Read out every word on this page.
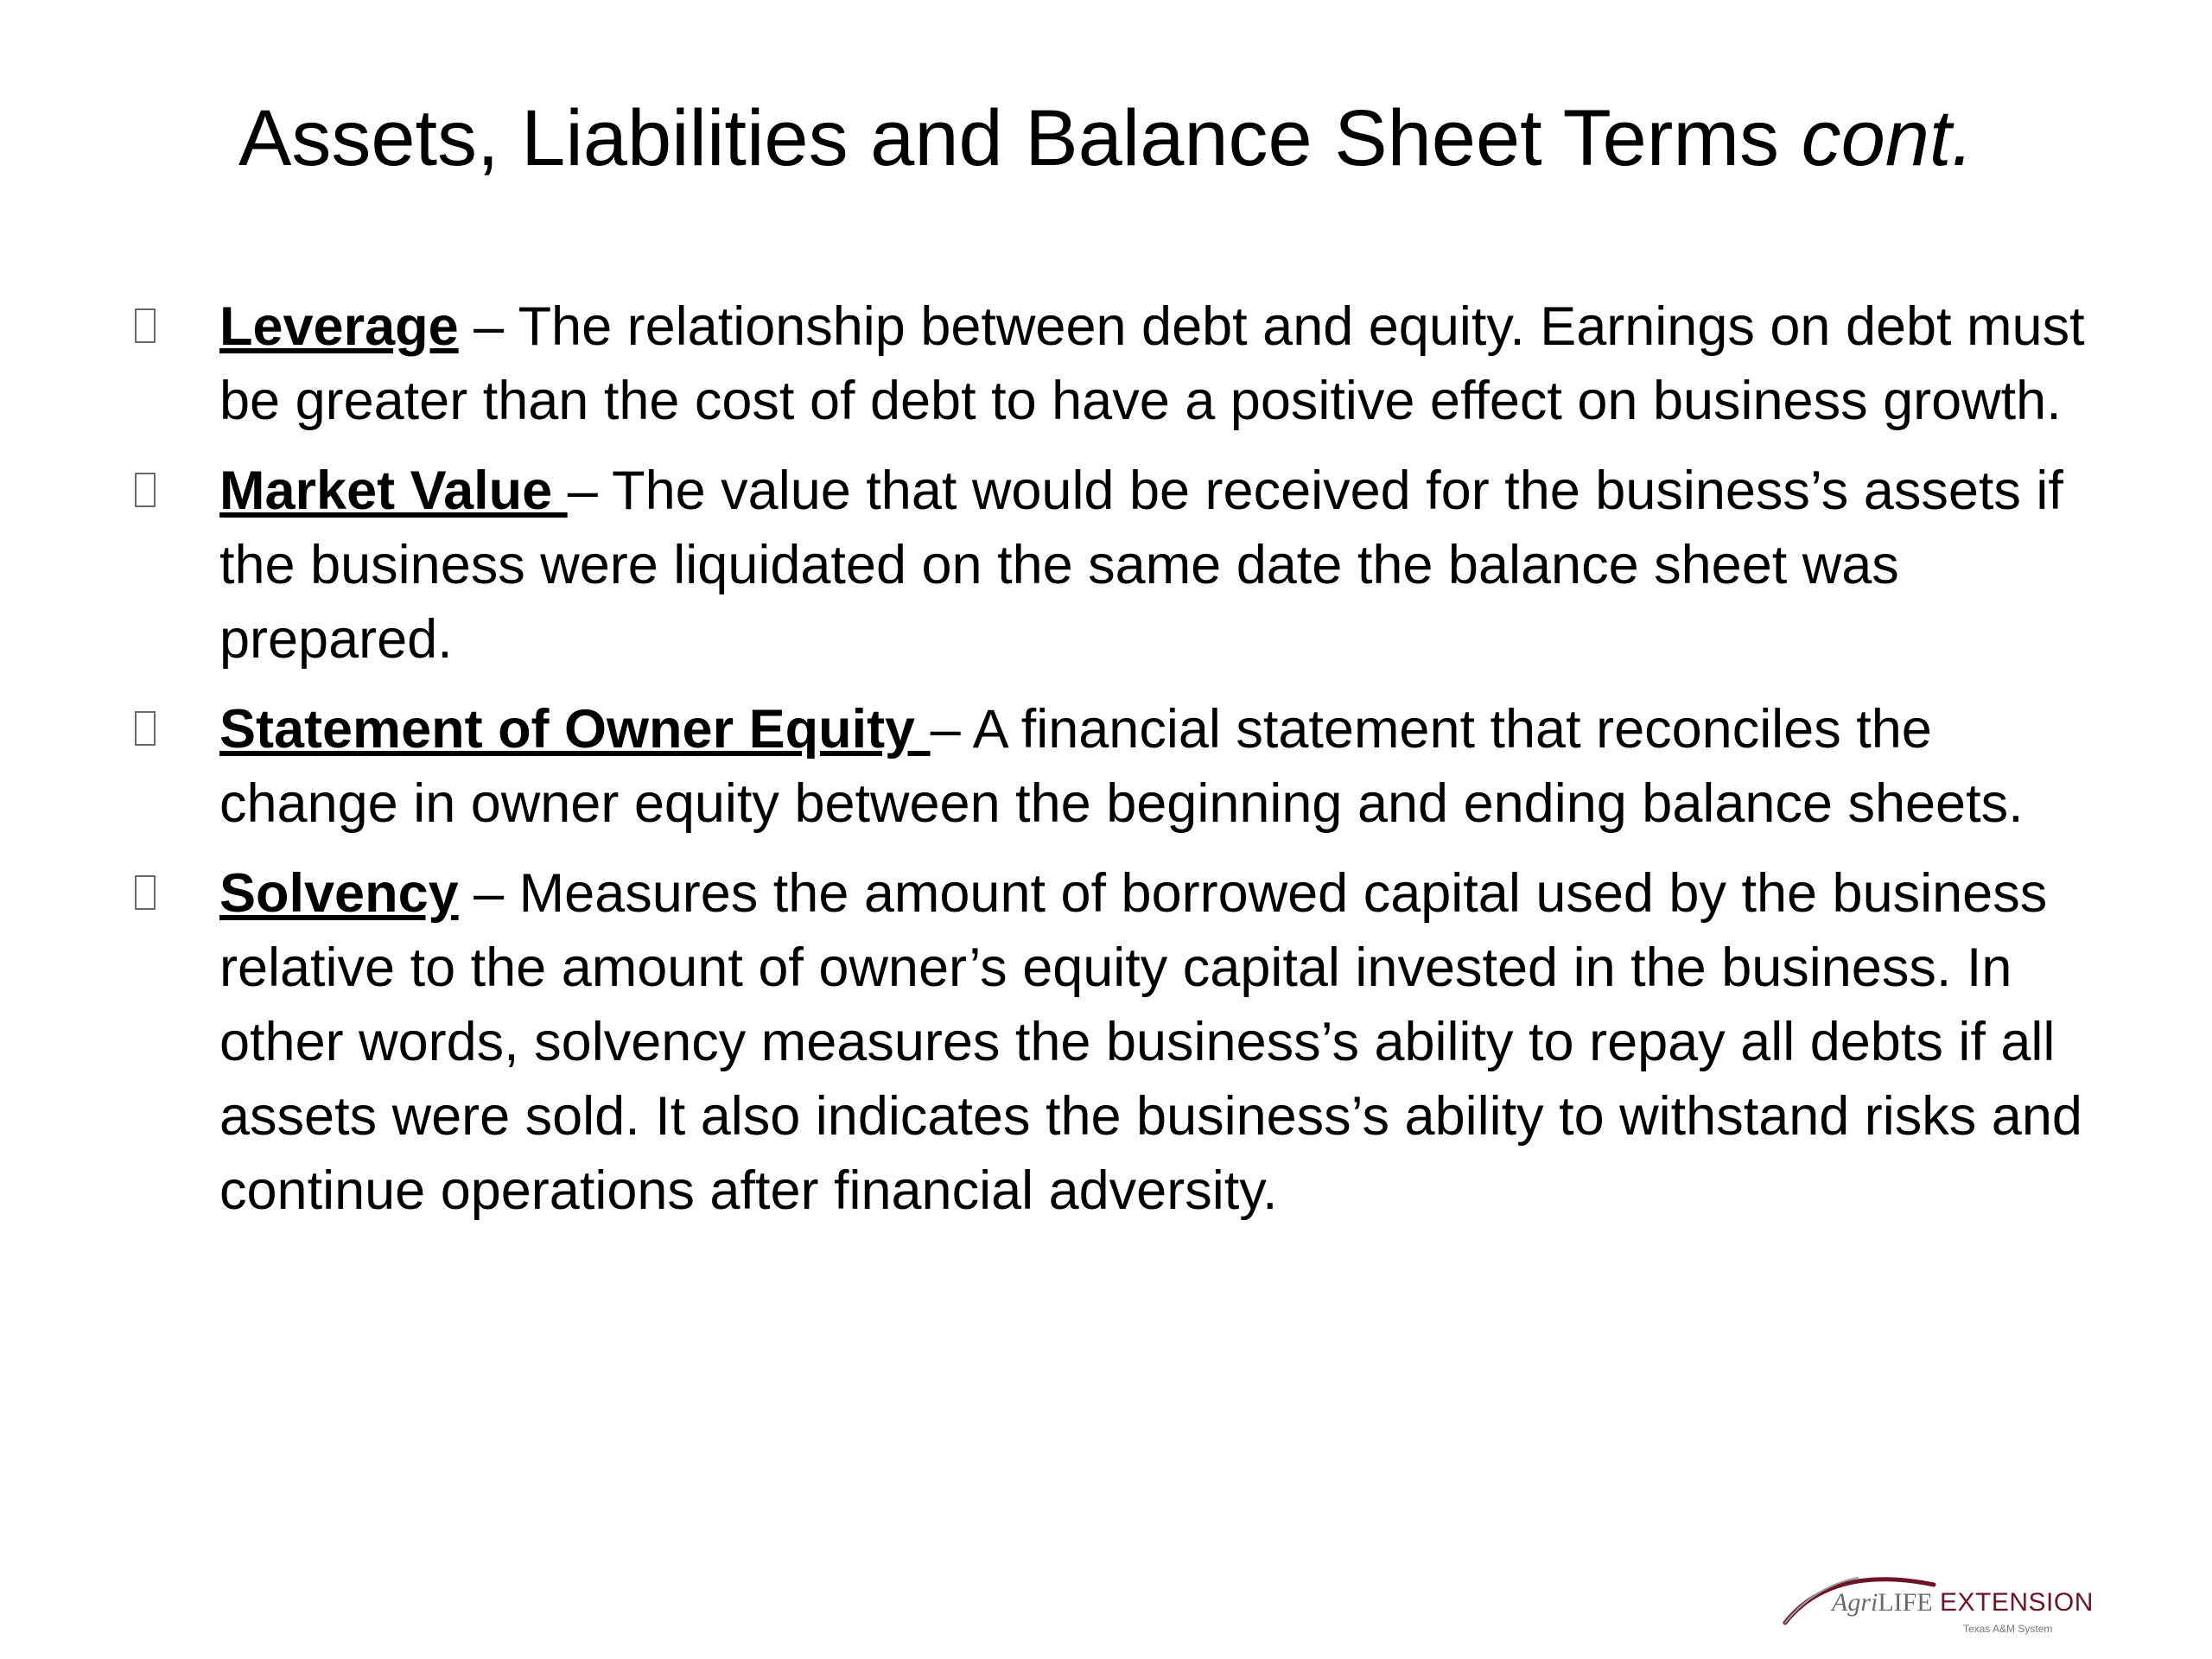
Assets, Liabilities and Balance Sheet Terms cont.
Leverage – The relationship between debt and equity. Earnings on debt must be greater than the cost of debt to have a positive effect on business growth.
Market Value – The value that would be received for the business’s assets if the business were liquidated on the same date the balance sheet was prepared.
Statement of Owner Equity – A financial statement that reconciles the change in owner equity between the beginning and ending balance sheets.
Solvency – Measures the amount of borrowed capital used by the business relative to the amount of owner’s equity capital invested in the business. In other words, solvency measures the business’s ability to repay all debts if all assets were sold. It also indicates the business’s ability to withstand risks and continue operations after financial adversity.
AgriLIFE EXTENSION
Texas A&M System
